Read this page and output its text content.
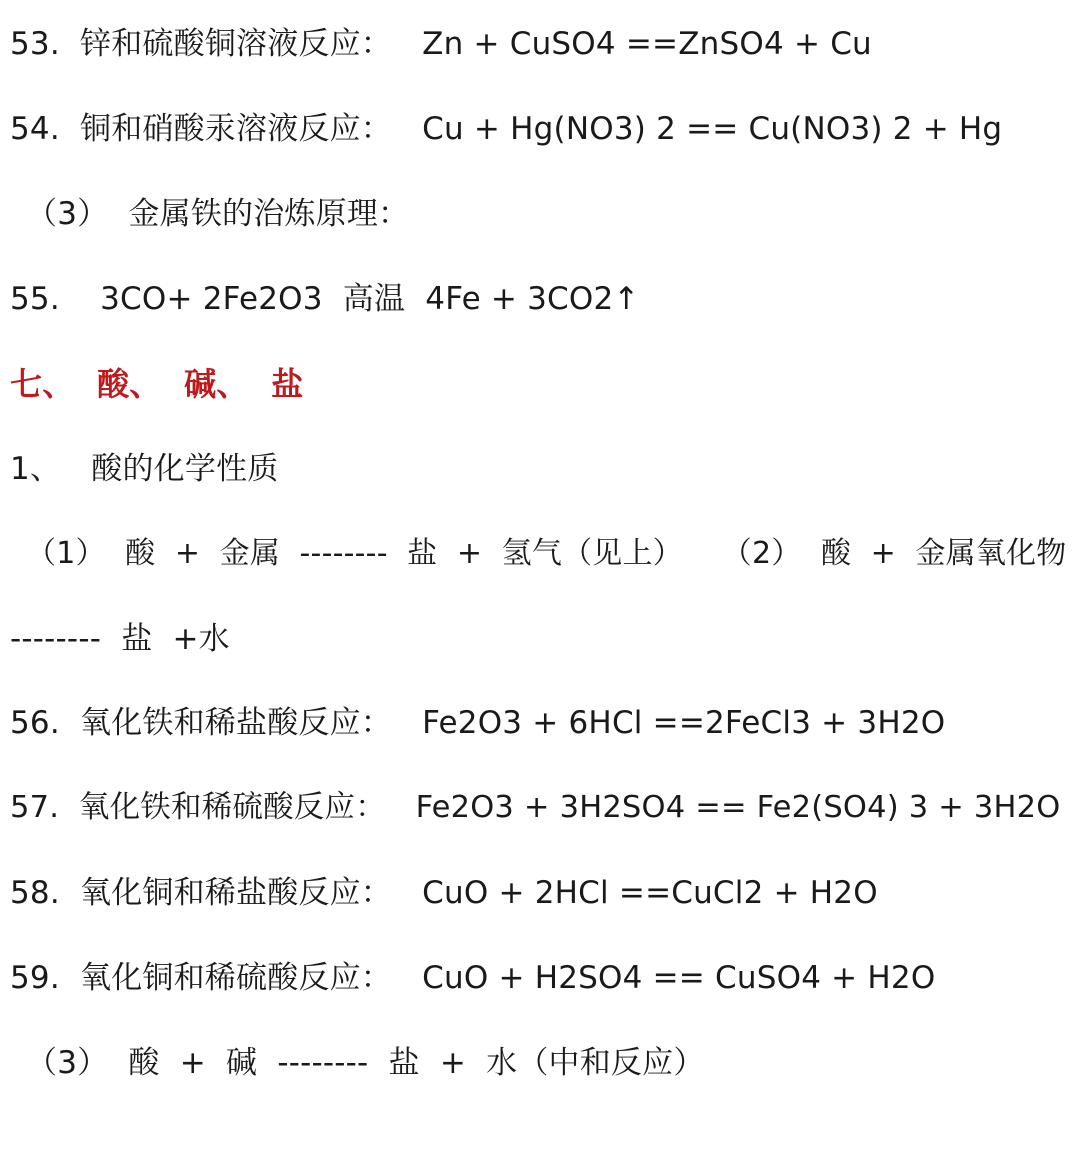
53.  锌和硫酸铜溶液反应：   Zn + CuSO4 ==ZnSO4 + Cu
54.  铜和硝酸汞溶液反应：   Cu + Hg(NO3) 2 == Cu(NO3) 2 + Hg
（3）  金属铁的治炼原理：
55.    3CO+ 2Fe2O3  高温  4Fe + 3CO2↑
七、  酸、  碱、  盐
1、   酸的化学性质
（1）  酸  +  金属  --------  盐  +  氢气（见上）    （2）  酸  +  金属氧化物
--------  盐  +水
56.  氧化铁和稀盐酸反应：   Fe2O3 + 6HCl ==2FeCl3 + 3H2O
57.  氧化铁和稀硫酸反应：   Fe2O3 + 3H2SO4 == Fe2(SO4) 3 + 3H2O
58.  氧化铜和稀盐酸反应：   CuO + 2HCl ==CuCl2 + H2O
59.  氧化铜和稀硫酸反应：   CuO + H2SO4 == CuSO4 + H2O
（3）  酸  +  碱  --------  盐  +  水（中和反应）
